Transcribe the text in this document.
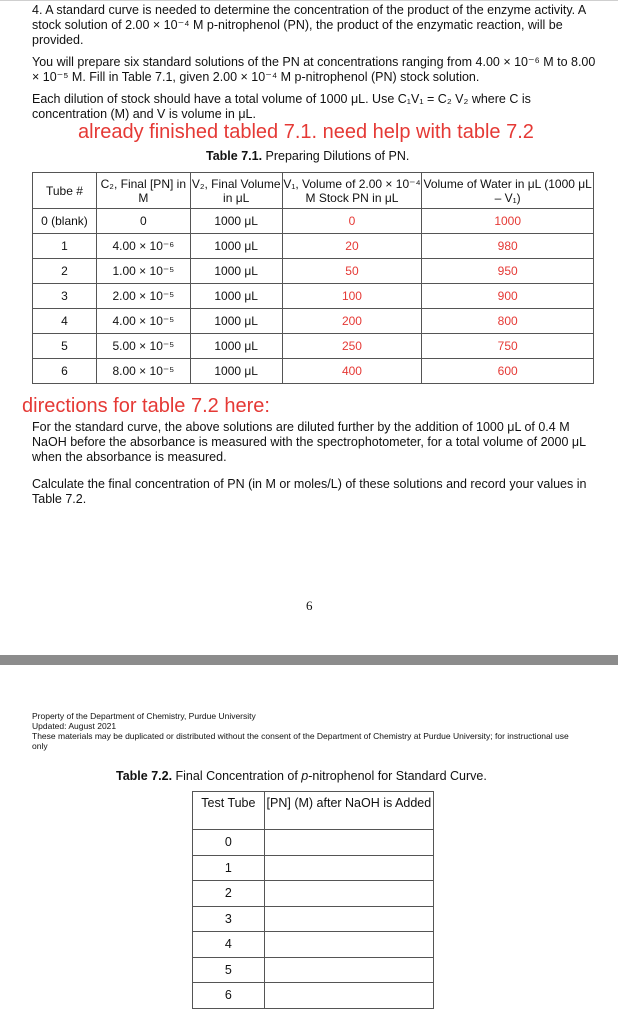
4. A standard curve is needed to determine the concentration of the product of the enzyme activity. A stock solution of 2.00 × 10⁻⁴ M p-nitrophenol (PN), the product of the enzymatic reaction, will be provided.

You will prepare six standard solutions of the PN at concentrations ranging from 4.00 × 10⁻⁶ M to 8.00 × 10⁻⁵ M. Fill in Table 7.1, given 2.00 × 10⁻⁴ M p-nitrophenol (PN) stock solution.

Each dilution of stock should have a total volume of 1000 μL. Use C₁V₁ = C₂ V₂ where C is concentration (M) and V is volume in μL.

already finished tabled 7.1. need help with table 7.2

Table 7.1. Preparing Dilutions of PN.
Tube #	C₂, Final [PN] in M	V₂, Final Volume in μL	V₁, Volume of 2.00 × 10⁻⁴ M Stock PN in μL	Volume of Water in μL (1000 μL – V₁)
0 (blank)	0	1000 μL	0	1000
1	4.00 × 10⁻⁶	1000 μL	20	980
2	1.00 × 10⁻⁵	1000 μL	50	950
3	2.00 × 10⁻⁵	1000 μL	100	900
4	4.00 × 10⁻⁵	1000 μL	200	800
5	5.00 × 10⁻⁵	1000 μL	250	750
6	8.00 × 10⁻⁵	1000 μL	400	600

directions for table 7.2 here:

For the standard curve, the above solutions are diluted further by the addition of 1000 μL of 0.4 M NaOH before the absorbance is measured with the spectrophotometer, for a total volume of 2000 μL when the absorbance is measured.

Calculate the final concentration of PN (in M or moles/L) of these solutions and record your values in Table 7.2.

6
Property of the Department of Chemistry, Purdue University
Updated: August 2021
These materials may be duplicated or distributed without the consent of the Department of Chemistry at Purdue University; for instructional use only
Table 7.2. Final Concentration of p-nitrophenol for Standard Curve.
Test Tube	[PN] (M) after NaOH is Added
0	
1	
2	
3	
4	
5	
6	
